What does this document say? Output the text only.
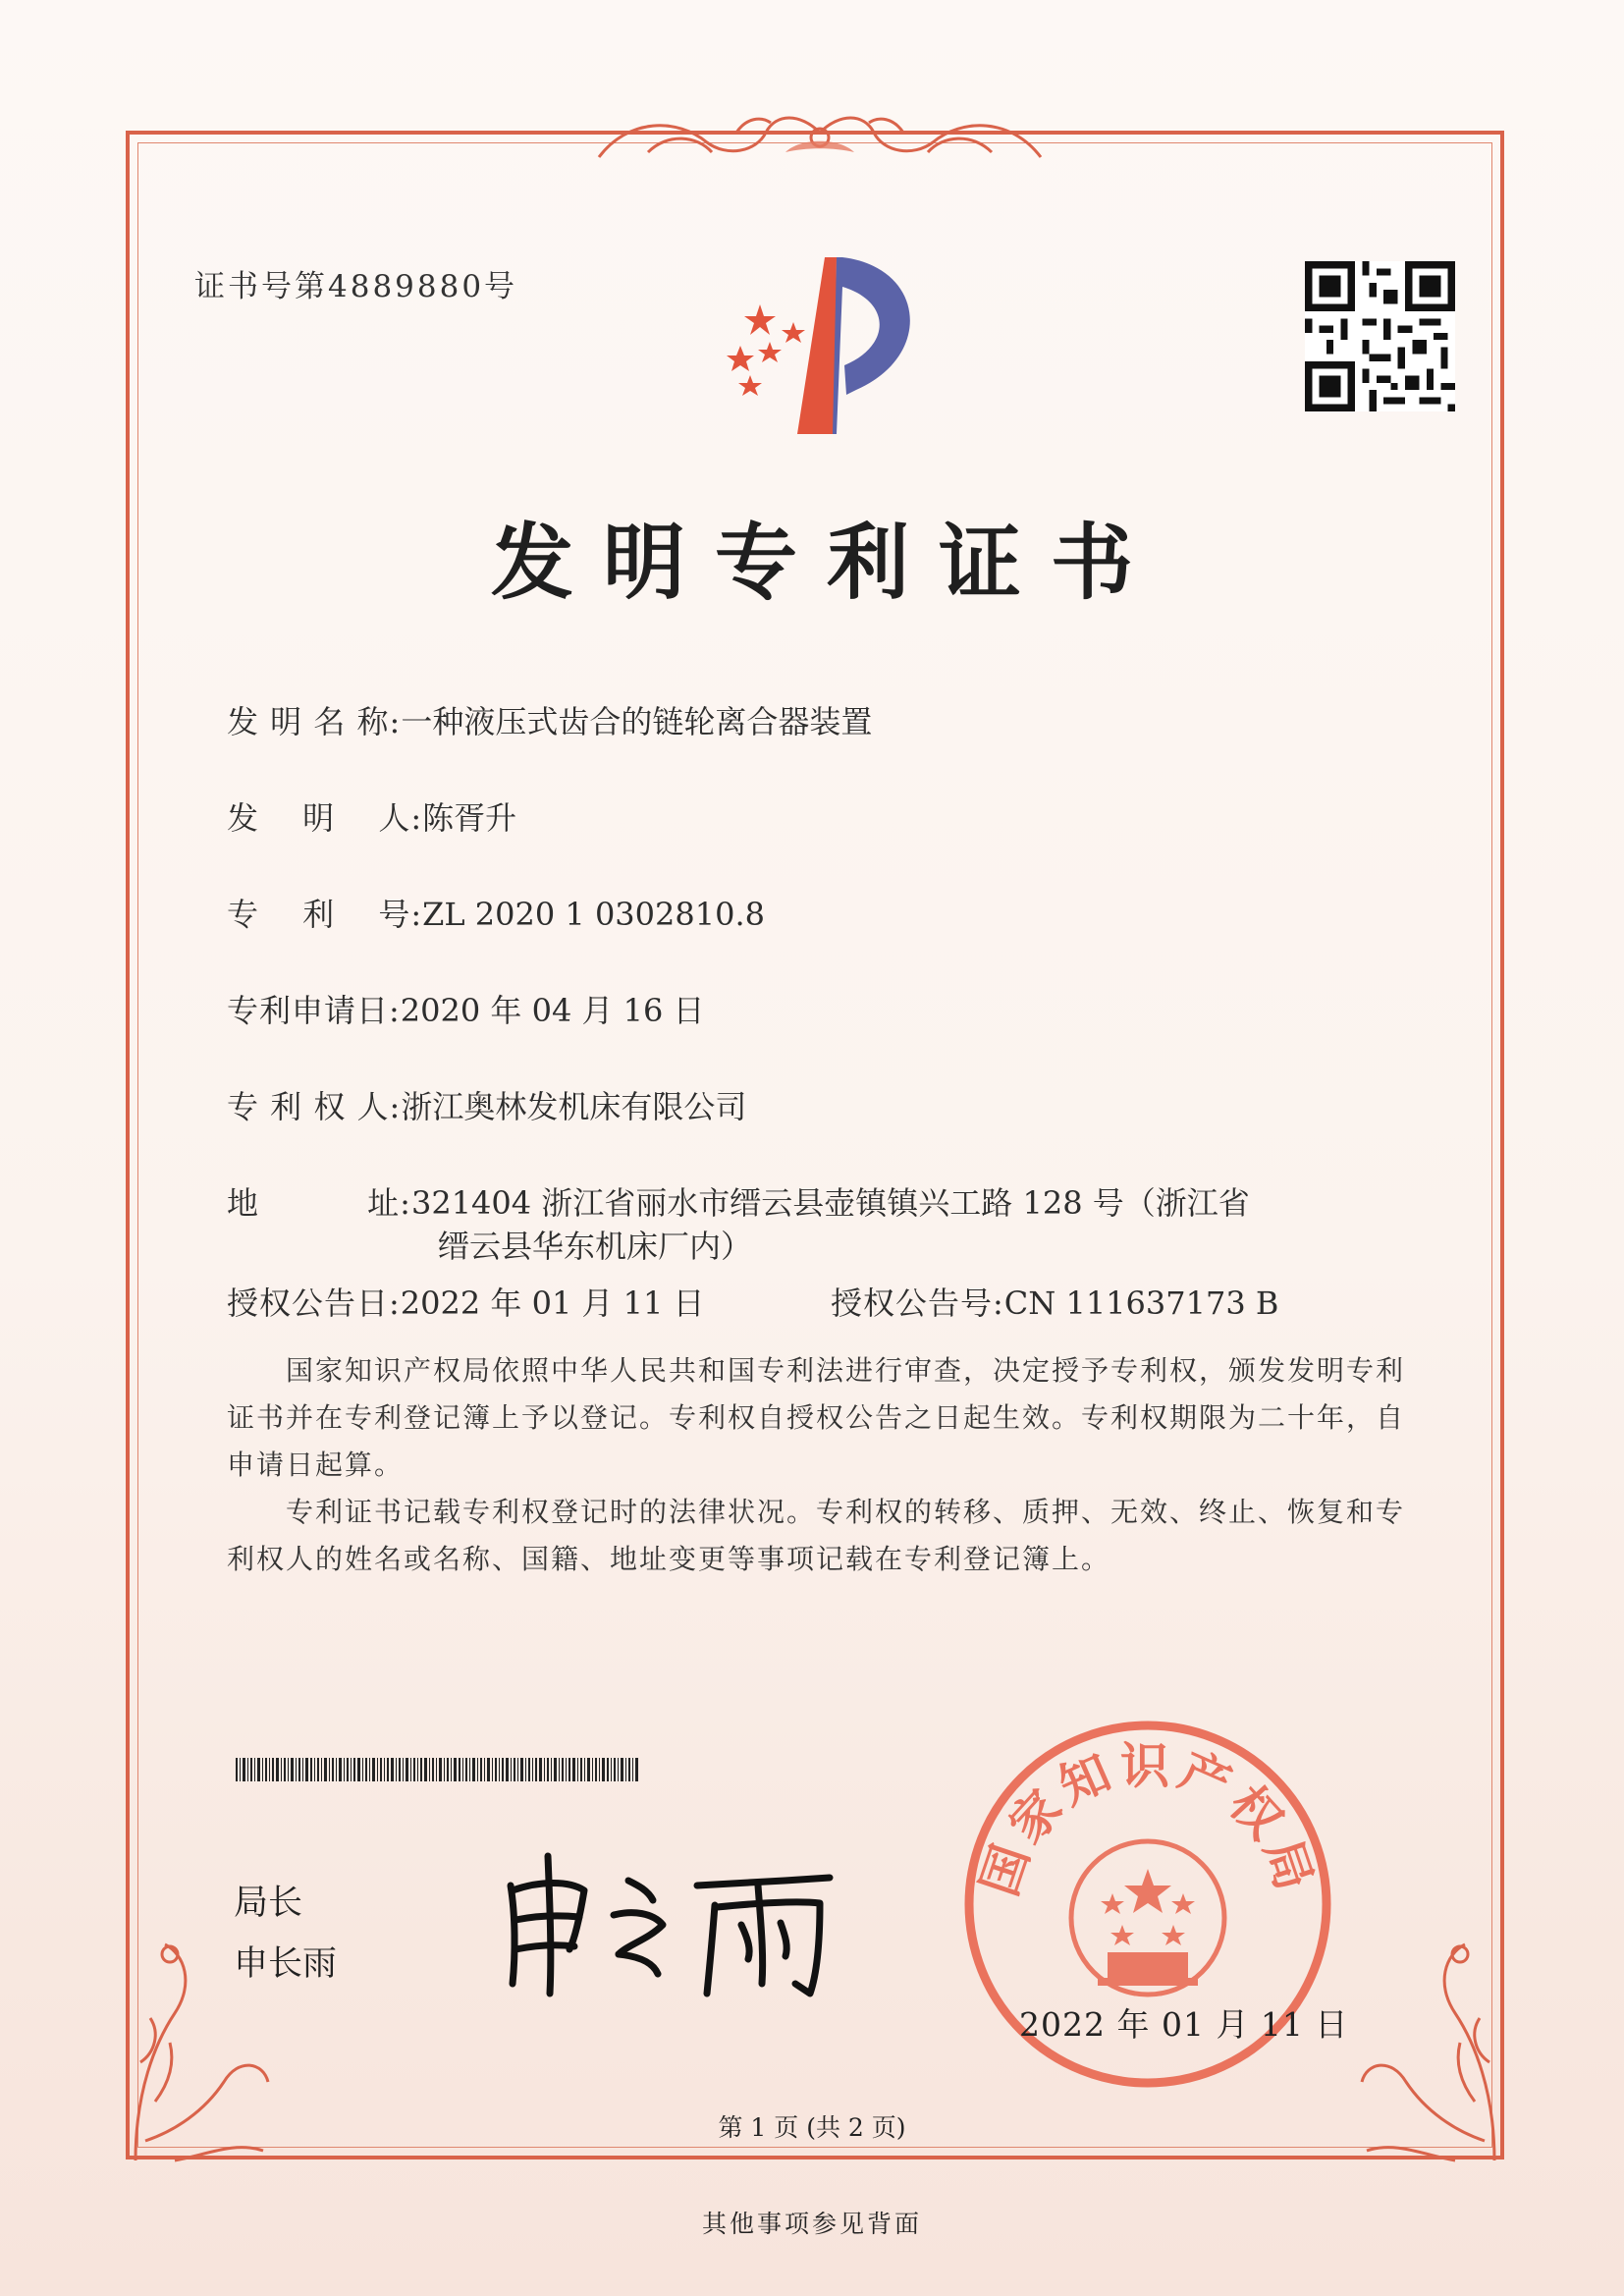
证书号第4889880号
发明专利证书
发 明 名 称:一种液压式齿合的链轮离合器装置
发　 明　 人:陈胥升
专　 利　 号:ZL 2020 1 0302810.8
专利申请日:2020 年 04 月 16 日
专 利 权 人:浙江奥林发机床有限公司
地　　　 址:321404 浙江省丽水市缙云县壶镇镇兴工路 128 号（浙江省
缙云县华东机床厂内）
授权公告日:2022 年 01 月 11 日	授权公告号:CN 111637173 B
国家知识产权局依照中华人民共和国专利法进行审查，决定授予专利权，颁发发明专利
证书并在专利登记簿上予以登记。专利权自授权公告之日起生效。专利权期限为二十年，自
申请日起算。
专利证书记载专利权登记时的法律状况。专利权的转移、质押、无效、终止、恢复和专
利权人的姓名或名称、国籍、地址变更等事项记载在专利登记簿上。
局长
申长雨
国家知识产权局
2022 年 01 月 11 日
第 1 页 (共 2 页)
其他事项参见背面
